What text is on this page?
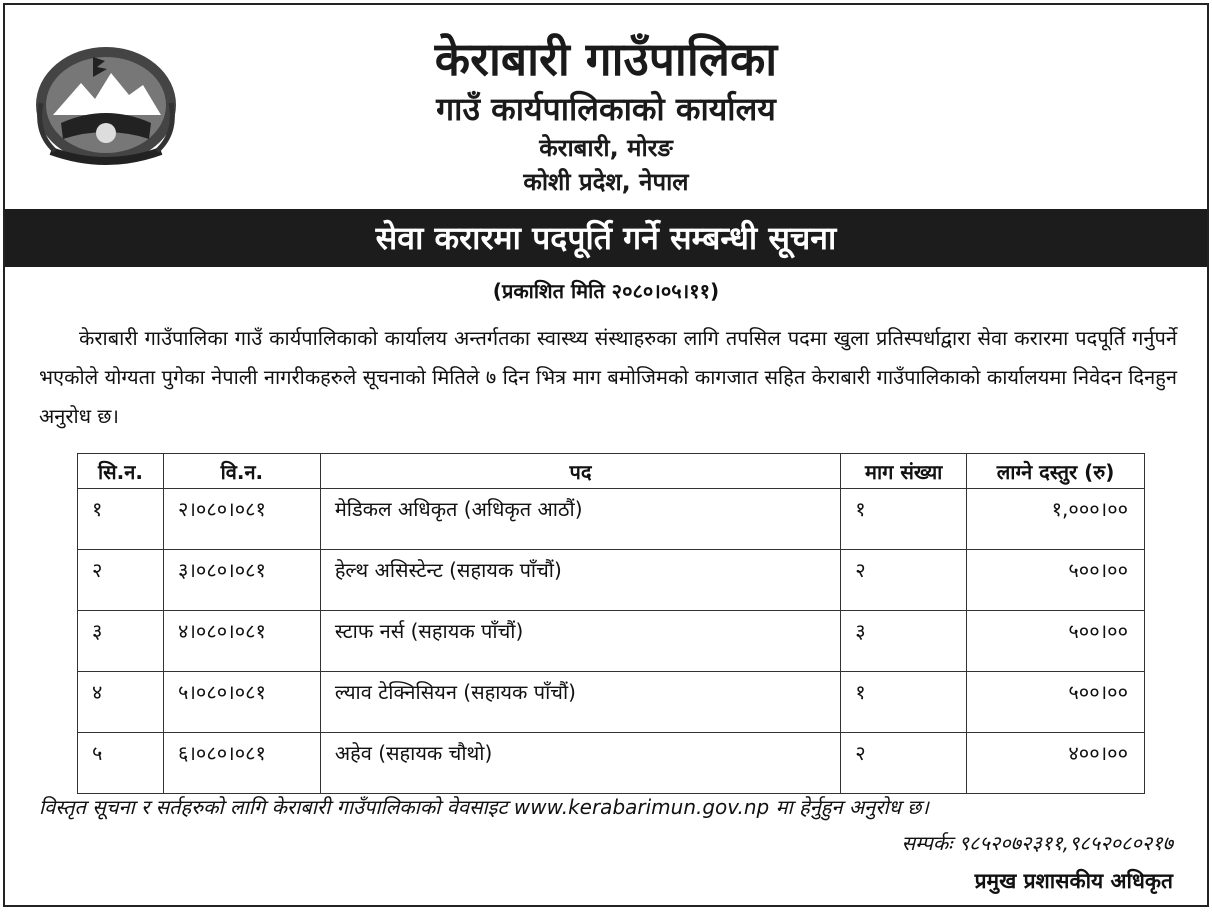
केराबारी गाउँपालिका
गाउँ कार्यपालिकाको कार्यालय
केराबारी, मोरङ
कोशी प्रदेश, नेपाल
सेवा करारमा पदपूर्ति गर्ने सम्बन्धी सूचना
(प्रकाशित मिति २०८०।०५।११)
केराबारी गाउँपालिका गाउँ कार्यपालिकाको कार्यालय अन्तर्गतका स्वास्थ्य संस्थाहरुका लागि तपसिल पदमा खुला प्रतिस्पर्धाद्वारा सेवा करारमा पदपूर्ति गर्नुपर्ने भएकोले योग्यता पुगेका नेपाली नागरीकहरुले सूचनाको मितिले ७ दिन भित्र माग बमोजिमको कागजात सहित केराबारी गाउँपालिकाको कार्यालयमा निवेदन दिनहुन अनुरोध छ।
सि.न.	वि.न.	पद	माग संख्या	लाग्ने दस्तुर (रु)
१	२।०८०।०८१	मेडिकल अधिकृत (अधिकृत आठौं)	१	१,०००।००
२	३।०८०।०८१	हेल्थ असिस्टेन्ट (सहायक पाँचौं)	२	५००।००
३	४।०८०।०८१	स्टाफ नर्स (सहायक पाँचौं)	३	५००।००
४	५।०८०।०८१	ल्याव टेक्निसियन (सहायक पाँचौं)	१	५००।००
५	६।०८०।०८१	अहेव (सहायक चौथो)	२	४००।००
विस्तृत सूचना र सर्तहरुको लागि केराबारी गाउँपालिकाको वेवसाइट www.kerabarimun.gov.np मा हेर्नुहुन अनुरोध छ।
सम्पर्कः ९८५२०७२३११,९८५२०८०२१७
प्रमुख प्रशासकीय अधिकृत
